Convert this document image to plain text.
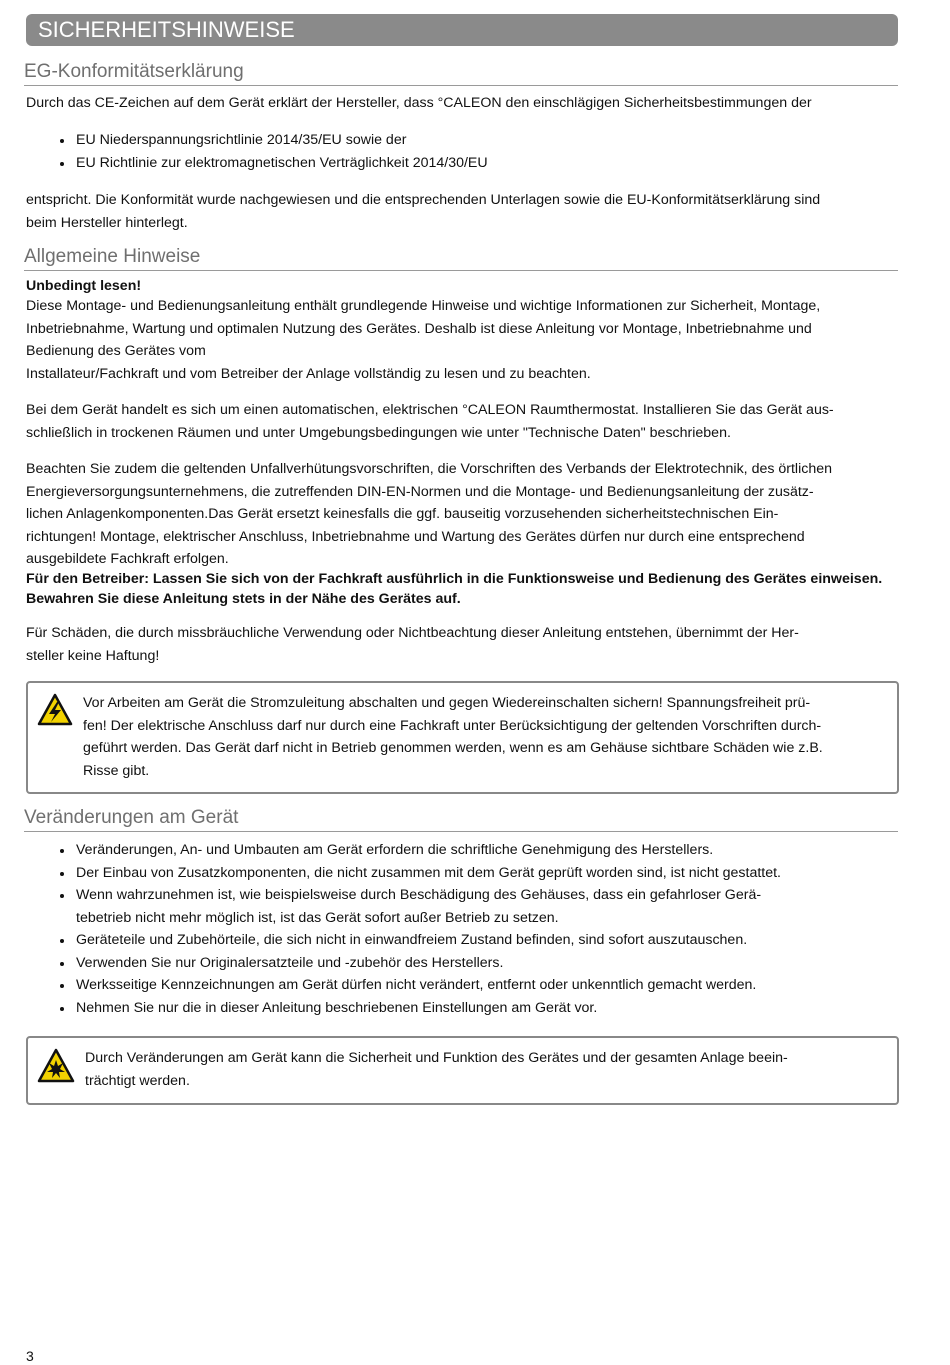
SICHERHEITSHINWEISE
EG-Konformitätserklärung

Durch das CE-Zeichen auf dem Gerät erklärt der Hersteller, dass °CALEON den einschlägigen Sicherheitsbestimmungen der

EU Niederspannungsrichtlinie 2014/35/EU sowie der
EU Richtlinie zur elektromagnetischen Verträglichkeit 2014/30/EU

entspricht. Die Konformität wurde nachgewiesen und die entsprechenden Unterlagen sowie die EU-Konformitätserklärung sind
beim Hersteller hinterlegt.

Allgemeine Hinweise

Unbedingt lesen!

Diese Montage- und Bedienungsanleitung enthält grundlegende Hinweise und wichtige Informationen zur Sicherheit, Montage,
Inbetriebnahme, Wartung und optimalen Nutzung des Gerätes. Deshalb ist diese Anleitung vor Montage, Inbetriebnahme und
Bedienung des Gerätes vom
Installateur/Fachkraft und vom Betreiber der Anlage vollständig zu lesen und zu beachten.

Bei dem Gerät handelt es sich um einen automatischen, elektrischen °CALEON Raumthermostat. Installieren Sie das Gerät aus-
schließlich in trockenen Räumen und unter Umgebungsbedingungen wie unter "Technische Daten" beschrieben.

Beachten Sie zudem die geltenden Unfallverhütungsvorschriften, die Vorschriften des Verbands der Elektrotechnik, des örtlichen
Energieversorgungsunternehmens, die zutreffenden DIN-EN-Normen und die Montage- und Bedienungsanleitung der zusätz-
lichen Anlagenkomponenten.Das Gerät ersetzt keinesfalls die ggf. bauseitig vorzusehenden sicherheitstechnischen Ein-
richtungen! Montage, elektrischer Anschluss, Inbetriebnahme und Wartung des Gerätes dürfen nur durch eine entsprechend
ausgebildete Fachkraft erfolgen.

Für den Betreiber: Lassen Sie sich von der Fachkraft ausführlich in die Funktionsweise und Bedienung des Gerätes einweisen.
Bewahren Sie diese Anleitung stets in der Nähe des Gerätes auf.

Für Schäden, die durch missbräuchliche Verwendung oder Nichtbeachtung dieser Anleitung entstehen, übernimmt der Her-
steller keine Haftung!

Vor Arbeiten am Gerät die Stromzuleitung abschalten und gegen Wiedereinschalten sichern! Spannungsfreiheit prü-
fen! Der elektrische Anschluss darf nur durch eine Fachkraft unter Berücksichtigung der geltenden Vorschriften durch-
geführt werden. Das Gerät darf nicht in Betrieb genommen werden, wenn es am Gehäuse sichtbare Schäden wie z.B.
Risse gibt.
Veränderungen am Gerät
Veränderungen, An- und Umbauten am Gerät erfordern die schriftliche Genehmigung des Herstellers.
Der Einbau von Zusatzkomponenten, die nicht zusammen mit dem Gerät geprüft worden sind, ist nicht gestattet.
Wenn wahrzunehmen ist, wie beispielsweise durch Beschädigung des Gehäuses, dass ein gefahrloser Gerä-
tebetrieb nicht mehr möglich ist, ist das Gerät sofort außer Betrieb zu setzen.
Geräteteile und Zubehörteile, die sich nicht in einwandfreiem Zustand befinden, sind sofort auszutauschen.
Verwenden Sie nur Originalersatzteile und -zubehör des Herstellers.
Werksseitige Kennzeichnungen am Gerät dürfen nicht verändert, entfernt oder unkenntlich gemacht werden.
Nehmen Sie nur die in dieser Anleitung beschriebenen Einstellungen am Gerät vor.
Durch Veränderungen am Gerät kann die Sicherheit und Funktion des Gerätes und der gesamten Anlage beein-
trächtigt werden.
3
